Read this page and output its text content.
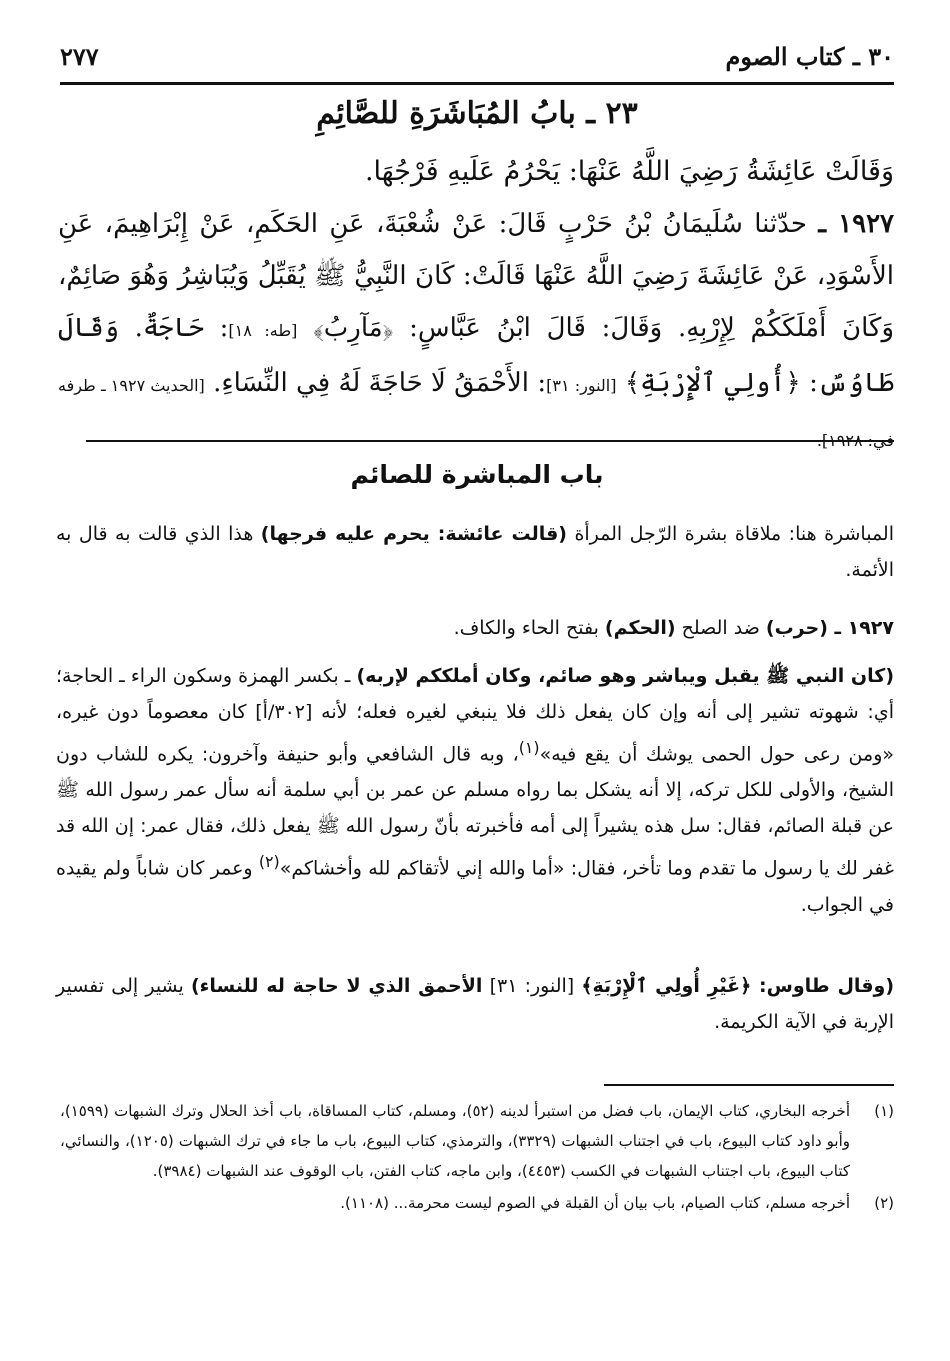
٢٧٧	٣٠ ـ كتاب الصوم
٢٣ ـ بابُ المُبَاشَرَةِ للصَّائِمِ
وَقَالَتْ عَائِشَةُ رَضِيَ اللَّهُ عَنْهَا: يَحْرُمُ عَلَيهِ فَرْجُهَا.
١٩٢٧ ـ حدّثنا سُلَيمَانُ بْنُ حَرْبٍ قَالَ: عَنْ شُعْبَةَ، عَنِ الحَكَمِ، عَنْ إِبْرَاهِيمَ، عَنِ الأَسْوَدِ، عَنْ عَائِشَةَ رَضِيَ اللَّهُ عَنْهَا قَالَتْ: كَانَ النَّبِيُّ ﷺ يُقَبِّلُ وَيُبَاشِرُ وَهُوَ صَائِمٌ، وَكَانَ أَمْلَكَكُمْ لِإِرْبِهِ. وَقَالَ: قَالَ ابْنُ عَبَّاسٍ: ﴿مَآرِبُ﴾ [طه: ١٨]: حَاجَةٌ. وَقَالَ طَاوُسٌ: ﴿أُولِي ٱلْإِرْبَةِ﴾ [النور: ٣١]: الأَحْمَقُ لَا حَاجَةَ لَهُ فِي النِّسَاءِ. [الحديث ١٩٢٧ ـ طرفه في: ١٩٢٨].
باب المباشرة للصائم
المباشرة هنا: ملاقاة بشرة الرّجل المرأة (قالت عائشة: يحرم عليه فرجها) هذا الذي قالت به قال به الأئمة.
١٩٢٧ ـ (حرب) ضد الصلح (الحكم) بفتح الحاء والكاف.
(كان النبي ﷺ يقبل ويباشر وهو صائم، وكان أملككم لإربه) ـ بكسر الهمزة وسكون الراء ـ الحاجة؛ أي: شهوته تشير إلى أنه وإن كان يفعل ذلك فلا ينبغي لغيره فعله؛ لأنه [٣٠٢/أ] كان معصوماً دون غيره، «ومن رعى حول الحمى يوشك أن يقع فيه»$^{(١)}$، وبه قال الشافعي وأبو حنيفة وآخرون: يكره للشاب دون الشيخ، والأولى للكل تركه، إلا أنه يشكل بما رواه مسلم عن عمر بن أبي سلمة أنه سأل عمر رسول الله ﷺ عن قبلة الصائم، فقال: سل هذه يشيراً إلى أمه فأخبرته بأنّ رسول الله ﷺ يفعل ذلك، فقال عمر: إن الله قد غفر لك يا رسول ما تقدم وما تأخر، فقال: «أما والله إني لأتقاكم لله وأخشاكم»$^{(٢)}$ وعمر كان شاباً ولم يقيده في الجواب.
(وقال طاوس: ﴿غَيْرِ أُولِي ٱلْإِرْبَةِ﴾ [النور: ٣١] الأحمق الذي لا حاجة له للنساء) يشير إلى تفسير الإربة في الآية الكريمة.
(١)
أخرجه البخاري، كتاب الإيمان، باب فضل من استبرأ لدينه (٥٢)، ومسلم، كتاب المساقاة، باب أخذ الحلال وترك الشبهات (١٥٩٩)، وأبو داود كتاب البيوع، باب في اجتناب الشبهات (٣٣٢٩)، والترمذي، كتاب البيوع، باب ما جاء في ترك الشبهات (١٢٠٥)، والنسائي، كتاب البيوع، باب اجتناب الشبهات في الكسب (٤٤٥٣)، وابن ماجه، كتاب الفتن، باب الوقوف عند الشبهات (٣٩٨٤).
(٢)
أخرجه مسلم، كتاب الصيام، باب بيان أن القبلة في الصوم ليست محرمة... (١١٠٨).
